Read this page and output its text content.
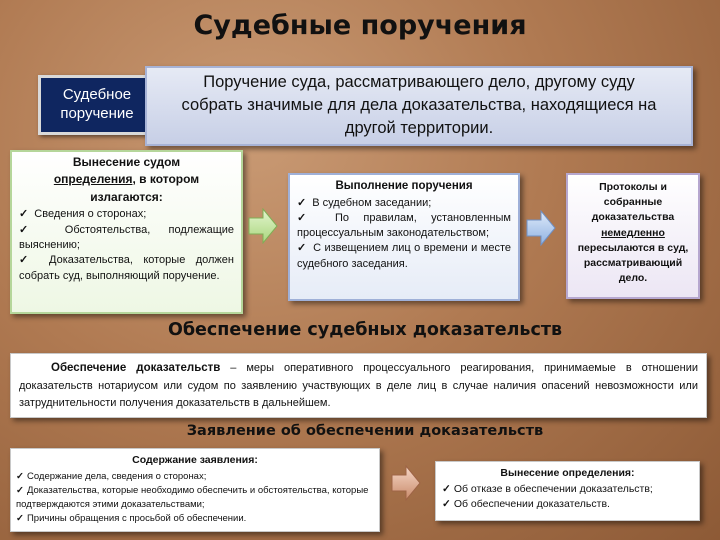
Судебные поручения
Судебное поручение
Поручение суда, рассматривающего дело, другому суду собрать значимые для дела доказательства, находящиеся на другой территории.
Вынесение судом
определения, в котором излагаются:
✓ Сведения о сторонах;
✓ Обстоятельства, подлежащие выяснению;
✓ Доказательства, которые должен собрать суд, выполняющий поручение.
Выполнение поручения
✓ В судебном заседании;
✓ По правилам, установленным процессуальным законодательством;
✓ С извещением лиц о времени и месте судебного заседания.
Протоколы и собранные доказательства немедленно пересылаются в суд, рассматривающий дело.
Обеспечение судебных доказательств
Обеспечение доказательств – меры оперативного процессуального реагирования, принимаемые в отношении доказательств нотариусом или судом по заявлению участвующих в деле лиц в случае наличия опасений невозможности или затруднительности получения доказательств в дальнейшем.
Заявление об обеспечении доказательств
Содержание заявления:
✓ Содержание дела, сведения о сторонах;
✓ Доказательства, которые необходимо обеспечить и обстоятельства, которые подтверждаются этими доказательствами;
✓ Причины обращения с просьбой об обеспечении.
Вынесение определения:
✓ Об отказе в обеспечении доказательств;
✓ Об обеспечении доказательств.
